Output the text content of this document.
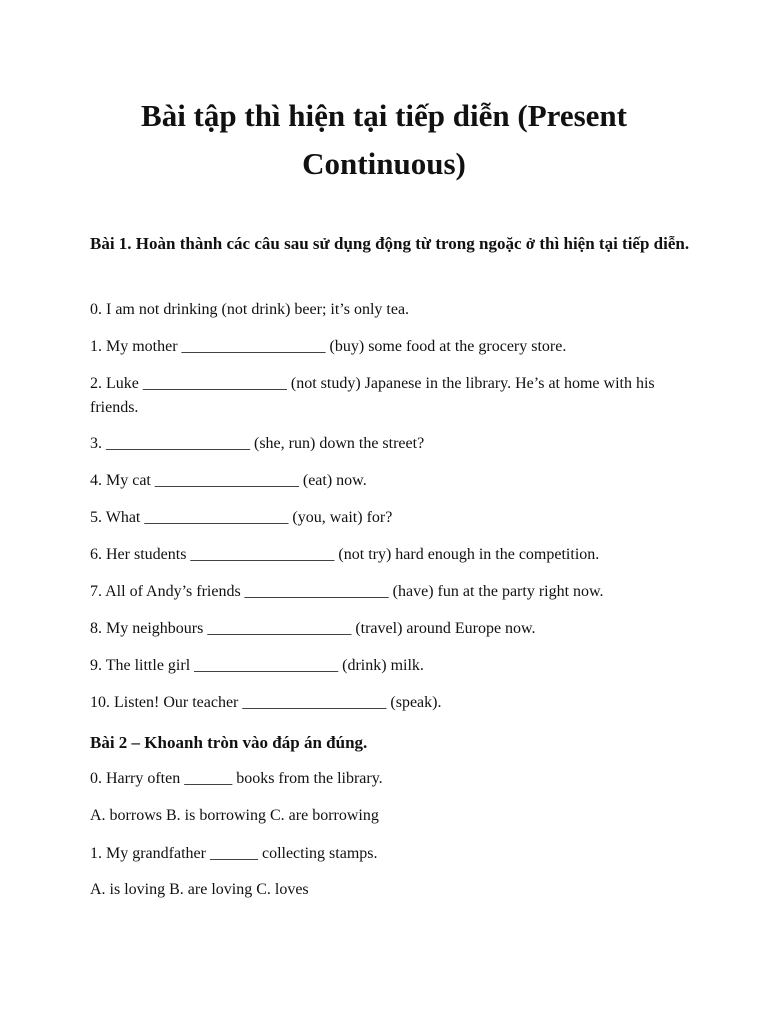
Bài tập thì hiện tại tiếp diễn (Present
Continuous)
Bài 1. Hoàn thành các câu sau sử dụng động từ trong ngoặc ở thì hiện tại tiếp diễn.
0. I am not drinking (not drink) beer; it’s only tea.
1. My mother __________________ (buy) some food at the grocery store.
2. Luke __________________ (not study) Japanese in the library. He’s at home with his friends.
3. __________________ (she, run) down the street?
4. My cat __________________ (eat) now.
5. What __________________ (you, wait) for?
6. Her students __________________ (not try) hard enough in the competition.
7. All of Andy’s friends __________________ (have) fun at the party right now.
8. My neighbours __________________ (travel) around Europe now.
9. The little girl __________________ (drink) milk.
10. Listen! Our teacher __________________ (speak).
Bài 2 – Khoanh tròn vào đáp án đúng.
0. Harry often ______ books from the library.
A. borrows B. is borrowing C. are borrowing
1. My grandfather ______ collecting stamps.
A. is loving B. are loving C. loves
